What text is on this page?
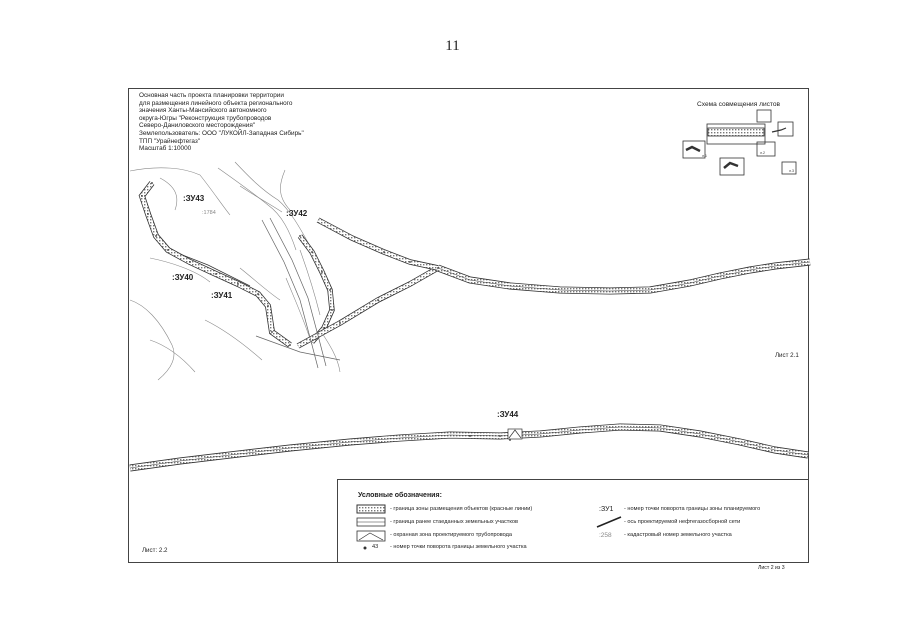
11
Основная часть проекта планировки территории
для размещения линейного объекта регионального
значения Ханты-Мансийского автономного
округа-Югры "Реконструкция трубопроводов
Северо-Даниловского месторождения"
Землепользователь: ООО "ЛУКОЙЛ-Западная Сибирь"
ТПП "Урайнефтегаз"
Масштаб 1:10000
Схема совмещения листов
л.1
л.2
л.3
:ЗУ43
:ЗУ42
:ЗУ40
:ЗУ41
:ЗУ44
:1784
Лист 2.1
Лист: 2.2
Условные обозначения:
- граница зоны размещения объектов (красные линии)
- граница ранее стаеданных земельных участков
- охранная зона проектируемого трубопровода
43 - номер точки поворота границы земельного участка
:ЗУ1 - номер точки поворота границы зоны планируемого
- ось проектируемой нефтегазосборной сети
:258 - кадастровый номер земельного участка
Лист 2 из 3
